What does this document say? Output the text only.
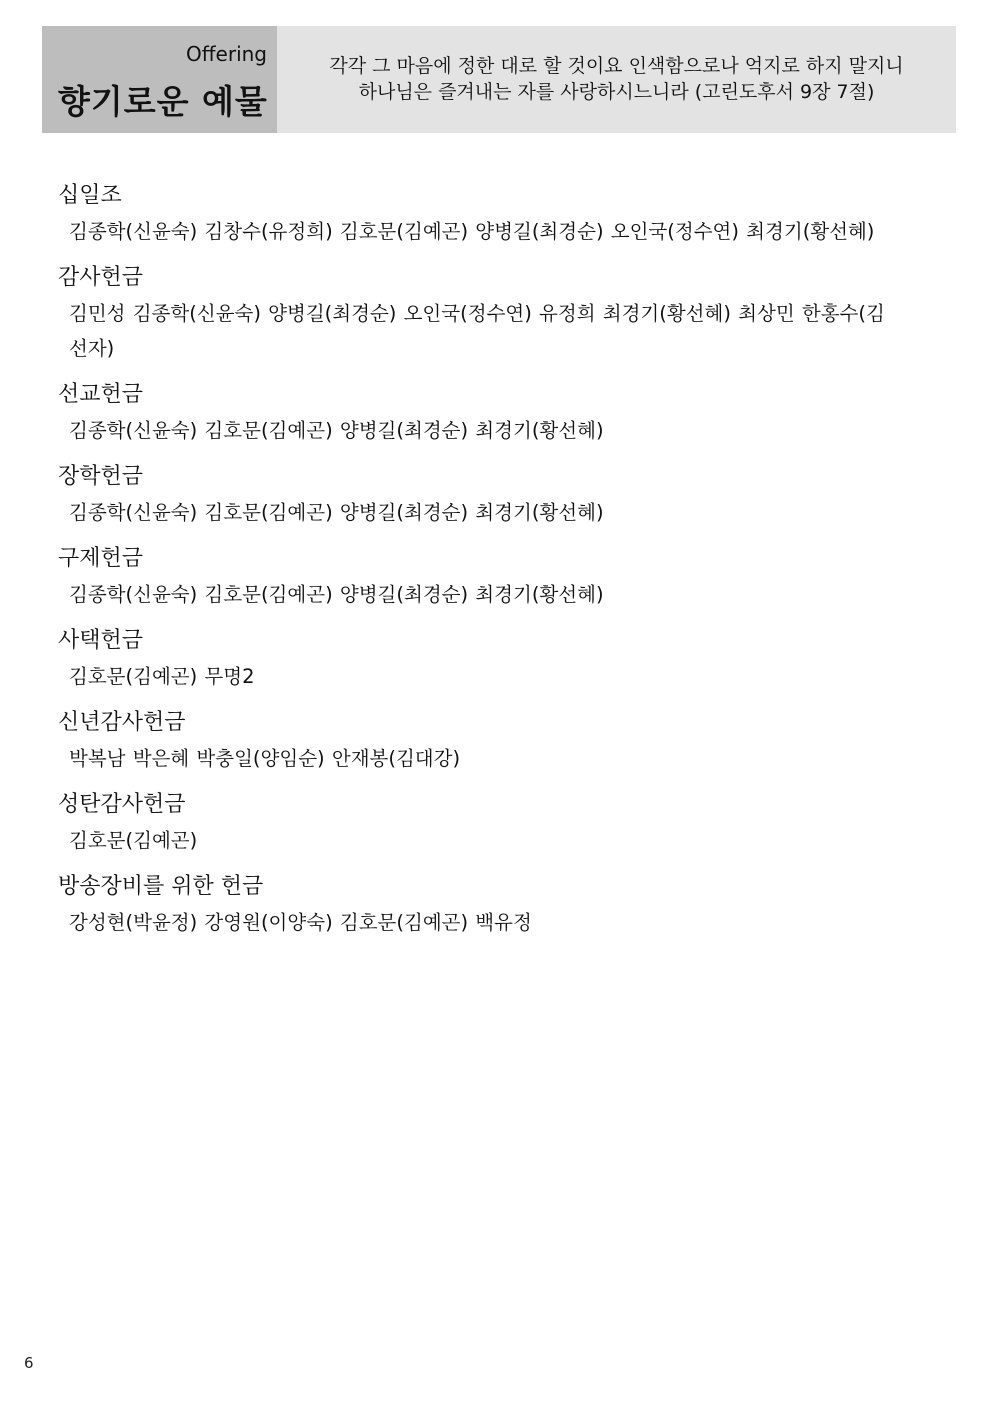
Offering
향기로운 예물
각각 그 마음에 정한 대로 할 것이요 인색함으로나 억지로 하지 말지니
하나님은 즐겨내는 자를 사랑하시느니라 (고린도후서 9장 7절)
십일조
김종학(신윤숙) 김창수(유정희) 김호문(김예곤) 양병길(최경순) 오인국(정수연) 최경기(황선혜)
감사헌금
김민성 김종학(신윤숙) 양병길(최경순) 오인국(정수연) 유정희 최경기(황선혜) 최상민 한홍수(김선자)
선교헌금
김종학(신윤숙) 김호문(김예곤) 양병길(최경순) 최경기(황선혜)
장학헌금
김종학(신윤숙) 김호문(김예곤) 양병길(최경순) 최경기(황선혜)
구제헌금
김종학(신윤숙) 김호문(김예곤) 양병길(최경순) 최경기(황선혜)
사택헌금
김호문(김예곤) 무명2
신년감사헌금
박복남 박은혜 박충일(양임순) 안재봉(김대강)
성탄감사헌금
김호문(김예곤)
방송장비를 위한 헌금
강성현(박윤정) 강영원(이양숙) 김호문(김예곤) 백유정
6
